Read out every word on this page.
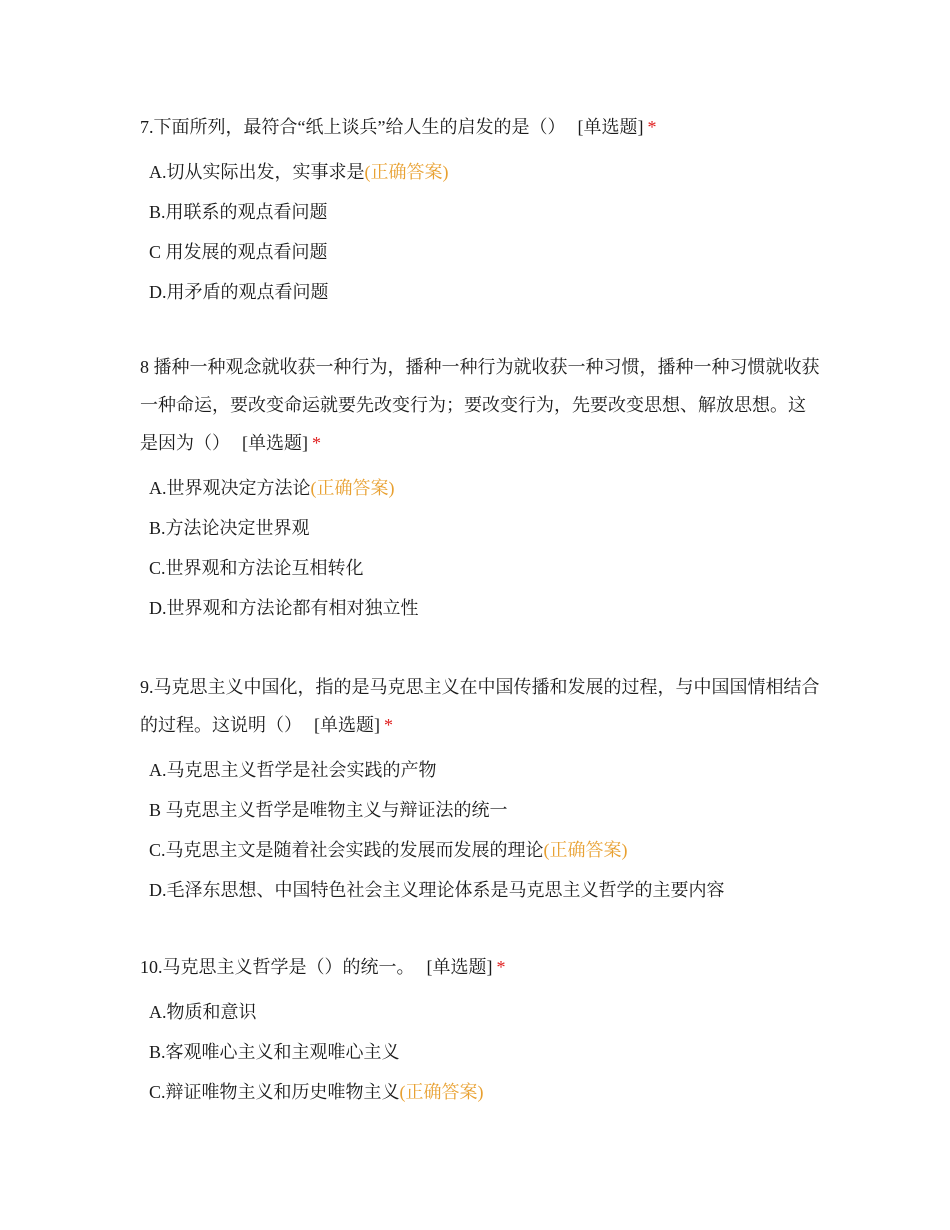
7.下面所列，最符合“纸上谈兵”给人生的启发的是（） [单选题] *

A.切从实际出发，实事求是(正确答案)
B.用联系的观点看问题
C 用发展的观点看问题
D.用矛盾的观点看问题

8 播种一种观念就收获一种行为，播种一种行为就收获一种习惯，播种一种习惯就收获一种命运，要改变命运就要先改变行为；要改变行为，先要改变思想、解放思想。这是因为（） [单选题] *

A.世界观决定方法论(正确答案)
B.方法论决定世界观
C.世界观和方法论互相转化
D.世界观和方法论都有相对独立性

9.马克思主义中国化，指的是马克思主义在中国传播和发展的过程，与中国国情相结合的过程。这说明（） [单选题] *

A.马克思主义哲学是社会实践的产物
B 马克思主义哲学是唯物主义与辩证法的统一
C.马克思主文是随着社会实践的发展而发展的理论(正确答案)
D.毛泽东思想、中国特色社会主义理论体系是马克思主义哲学的主要内容

10.马克思主义哲学是（）的统一。 [单选题] *

A.物质和意识
B.客观唯心主义和主观唯心主义
C.辩证唯物主义和历史唯物主义(正确答案)
